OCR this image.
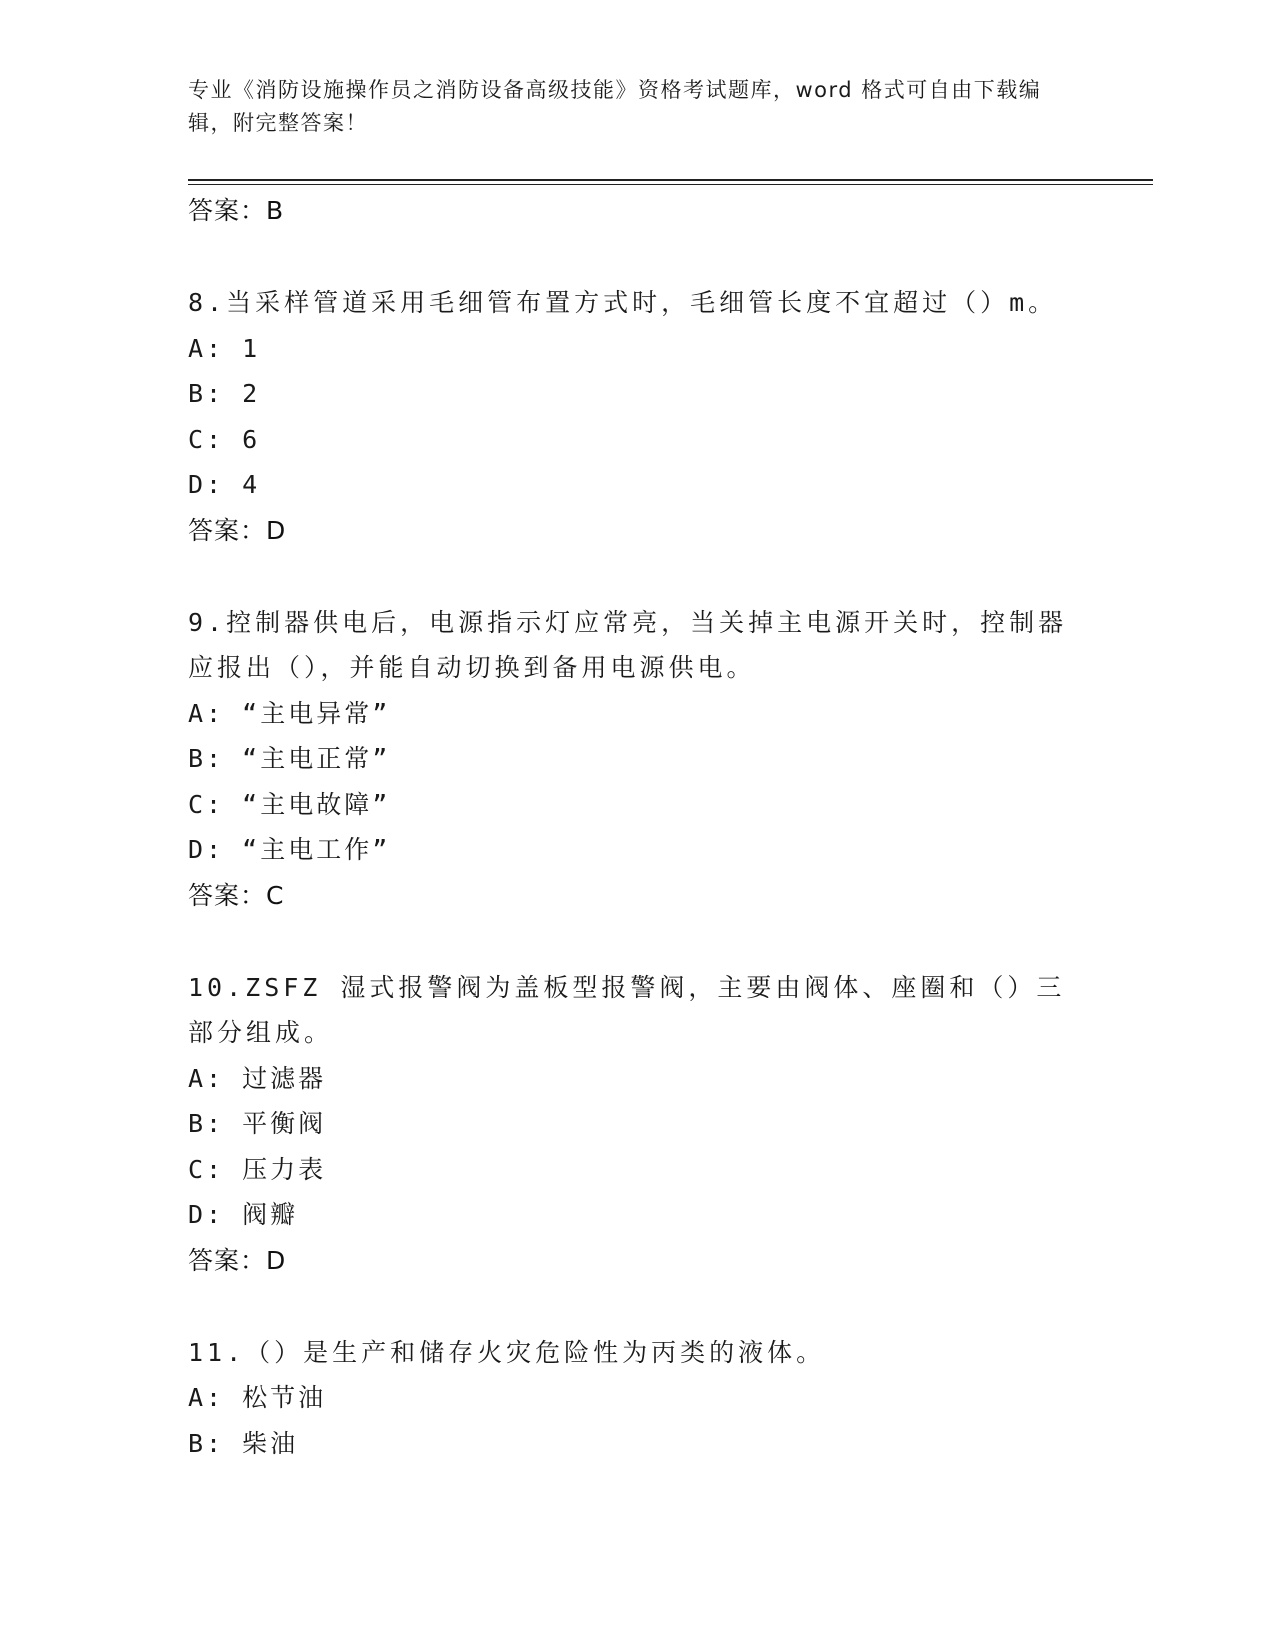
专业《消防设施操作员之消防设备高级技能》资格考试题库，word 格式可自由下载编辑，附完整答案！
答案：B
8.当采样管道采用毛细管布置方式时，毛细管长度不宜超过（）m。
A: 1
B: 2
C: 6
D: 4
答案：D
9.控制器供电后，电源指示灯应常亮，当关掉主电源开关时，控制器应报出（），并能自动切换到备用电源供电。
A: “主电异常”
B: “主电正常”
C: “主电故障”
D: “主电工作”
答案：C
10.ZSFZ 湿式报警阀为盖板型报警阀，主要由阀体、座圈和（）三部分组成。
A: 过滤器
B: 平衡阀
C: 压力表
D: 阀瓣
答案：D
11.（）是生产和储存火灾危险性为丙类的液体。
A: 松节油
B: 柴油
